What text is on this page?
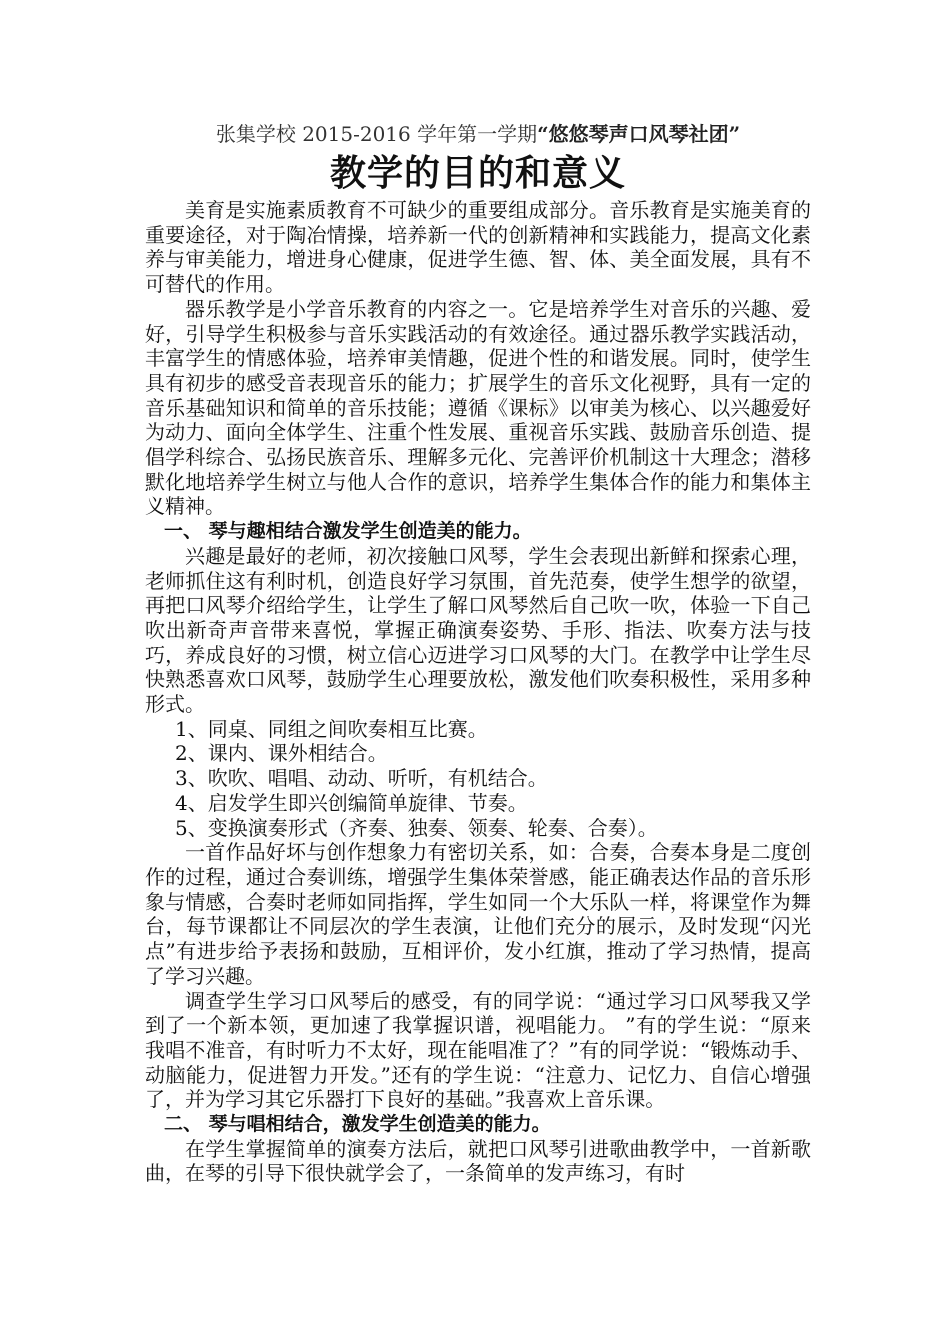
张集学校 2015-2016 学年第一学期“悠悠琴声口风琴社团”
教学的目的和意义

美育是实施素质教育不可缺少的重要组成部分。音乐教育是实施美育的重要途径，对于陶冶情操，培养新一代的创新精神和实践能力，提高文化素养与审美能力，增进身心健康，促进学生德、智、体、美全面发展，具有不可替代的作用。

器乐教学是小学音乐教育的内容之一。它是培养学生对音乐的兴趣、爱好，引导学生积极参与音乐实践活动的有效途径。通过器乐教学实践活动，丰富学生的情感体验，培养审美情趣，促进个性的和谐发展。同时，使学生具有初步的感受音表现音乐的能力；扩展学生的音乐文化视野，具有一定的音乐基础知识和简单的音乐技能；遵循《课标》以审美为核心、以兴趣爱好为动力、面向全体学生、注重个性发展、重视音乐实践、鼓励音乐创造、提倡学科综合、弘扬民族音乐、理解多元化、完善评价机制这十大理念；潜移默化地培养学生树立与他人合作的意识，培养学生集体合作的能力和集体主义精神。

一、 琴与趣相结合激发学生创造美的能力。

兴趣是最好的老师，初次接触口风琴，学生会表现出新鲜和探索心理，老师抓住这有利时机，创造良好学习氛围，首先范奏，使学生想学的欲望，再把口风琴介绍给学生，让学生了解口风琴然后自己吹一吹，体验一下自己吹出新奇声音带来喜悦，掌握正确演奏姿势、手形、指法、吹奏方法与技巧，养成良好的习惯，树立信心迈进学习口风琴的大门。在教学中让学生尽快熟悉喜欢口风琴，鼓励学生心理要放松，激发他们吹奏积极性，采用多种形式。

1、同桌、同组之间吹奏相互比赛。

2、课内、课外相结合。

3、吹吹、唱唱、动动、听听，有机结合。

4、启发学生即兴创编简单旋律、节奏。

5、变换演奏形式（齐奏、独奏、领奏、轮奏、合奏）。

一首作品好坏与创作想象力有密切关系，如：合奏，合奏本身是二度创作的过程，通过合奏训练，增强学生集体荣誉感，能正确表达作品的音乐形象与情感，合奏时老师如同指挥，学生如同一个大乐队一样，将课堂作为舞台，每节课都让不同层次的学生表演，让他们充分的展示，及时发现“闪光点”有进步给予表扬和鼓励，互相评价，发小红旗，推动了学习热情，提高了学习兴趣。

调查学生学习口风琴后的感受，有的同学说：“通过学习口风琴我又学到了一个新本领，更加速了我掌握识谱，视唱能力。 ”有的学生说：“原来我唱不准音，有时听力不太好，现在能唱准了？”有的同学说：“锻炼动手、动脑能力，促进智力开发。”还有的学生说：“注意力、记忆力、自信心增强了，并为学习其它乐器打下良好的基础。”我喜欢上音乐课。

二、 琴与唱相结合，激发学生创造美的能力。

在学生掌握简单的演奏方法后，就把口风琴引进歌曲教学中，一首新歌曲，在琴的引导下很快就学会了，一条简单的发声练习，有时
